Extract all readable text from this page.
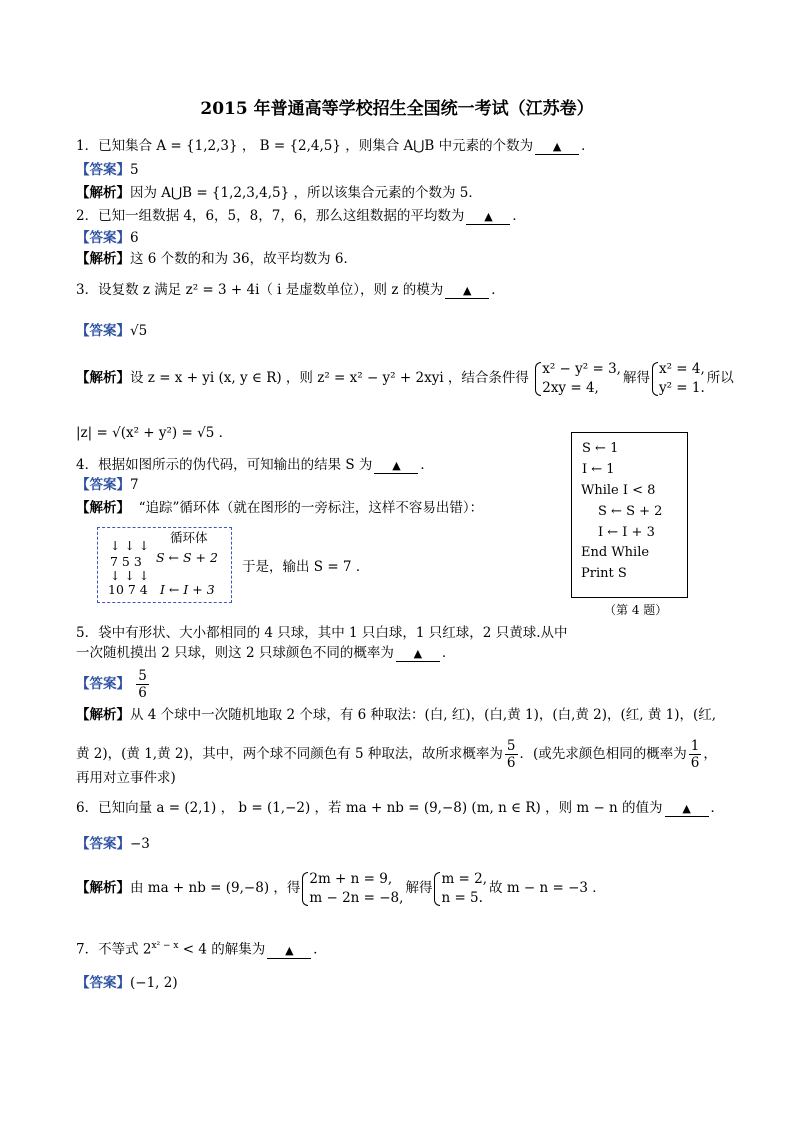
2015 年普通高等学校招生全国统一考试（江苏卷）
1．已知集合 A = {1,2,3} ， B = {2,4,5} ，则集合 A⋃B 中元素的个数为 ▲ ．
【答案】5
【解析】因为 A⋃B = {1,2,3,4,5} ，所以该集合元素的个数为 5．
2．已知一组数据 4，6，5，8，7，6，那么这组数据的平均数为 ▲ ．
【答案】6
【解析】这 6 个数的和为 36，故平均数为 6．
3．设复数 z 满足 z² = 3 + 4i（ i 是虚数单位），则 z 的模为 ▲ ．
【答案】√5
【解析】设 z = x + yi (x, y ∈ R) ，则 z² = x² − y² + 2xyi ，结合条件得
x² − y² = 3,
2xy = 4,
解得
x² = 4,
y² = 1.
所以
|z| = √(x² + y²) = √5 ．
4．根据如图所示的伪代码，可知输出的结果 S 为 ▲ ．
【答案】7
【解析】 “追踪”循环体（就在图形的一旁标注，这样不容易出错）：
循环体
↓ ↓ ↓
7 5 3
↓ ↓ ↓
10 7 4
S ← S + 2
I ← I + 3
于是，输出 S = 7 ．
S ← 1
I ← 1
While I < 8
S ← S + 2
I ← I + 3
End While
Print S
（第 4 题）
5．袋中有形状、大小都相同的 4 只球，其中 1 只白球，1 只红球，2 只黄球.从中
一次随机摸出 2 只球，则这 2 只球颜色不同的概率为 ▲ ．
【答案】 $\frac{5}{6}$
【解析】从 4 个球中一次随机地取 2 个球，有 6 种取法：(白, 红)，(白,黄 1)，(白,黄 2)，(红, 黄 1)，(红,
黄 2)，(黄 1,黄 2)，其中，两个球不同颜色有 5 种取法，故所求概率为 $\frac{5}{6}$ ．(或先求颜色相同的概率为 $\frac{1}{6}$ ，
再用对立事件求)
6．已知向量 a = (2,1) ， b = (1,−2) ，若 ma + nb = (9,−8) (m, n ∈ R) ，则 m − n 的值为 ▲ ．
【答案】−3
【解析】由 ma + nb = (9,−8) ，得
2m + n = 9,
m − 2n = −8,
解得
m = 2,
n = 5.
故 m − n = −3 ．
7．不等式 $2^{x^2 - x} < 4$ 的解集为 ▲ ．
【答案】(−1, 2)
